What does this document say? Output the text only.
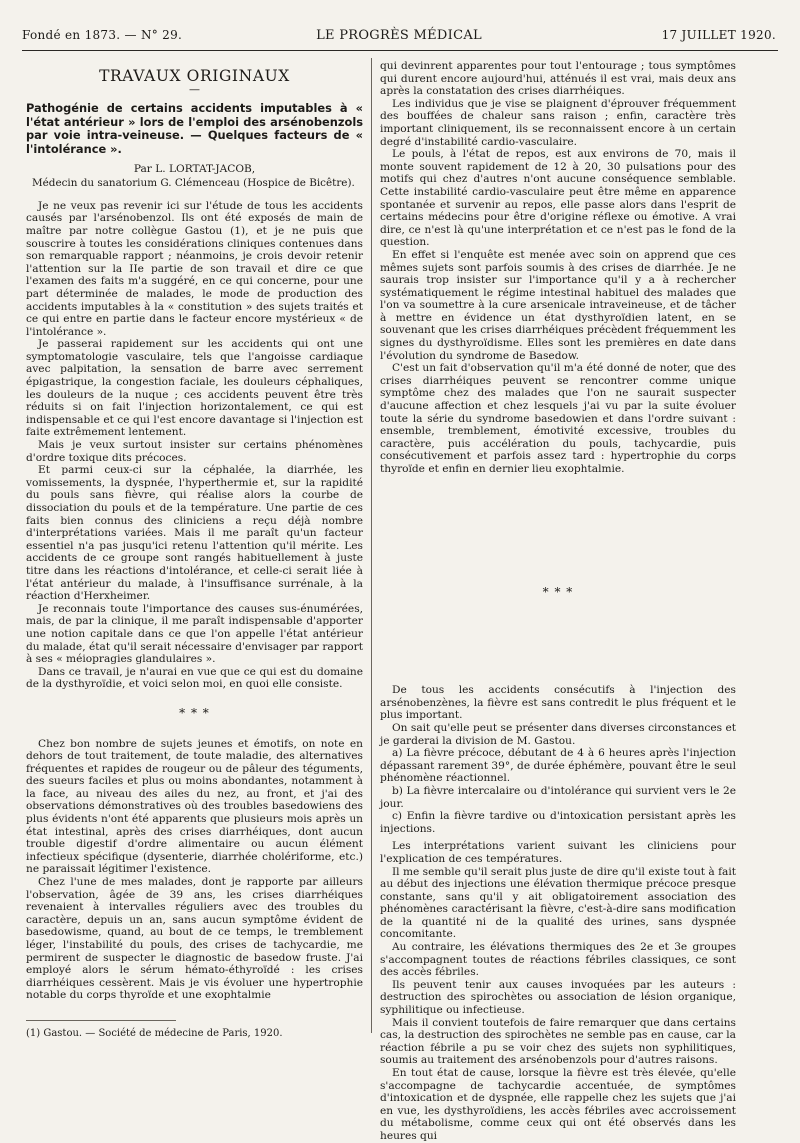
Fondé en 1873. — N° 29.	LE PROGRÈS MÉDICAL	17 JUILLET 1920.
TRAVAUX ORIGINAUX
—
Pathogénie de certains accidents imputables à « l'état antérieur » lors de l'emploi des arsénobenzols par voie intra-veineuse. — Quelques facteurs de « l'intolérance ».
Par L. LORTAT-JACOB,
Médecin du sanatorium G. Clémenceau (Hospice de Bicêtre).

Je ne veux pas revenir ici sur l'étude de tous les accidents causés par l'arsénobenzol. Ils ont été exposés de main de maître par notre collègue Gastou (1), et je ne puis que souscrire à toutes les considérations cliniques contenues dans son remarquable rapport ; néanmoins, je crois devoir retenir l'attention sur la IIe partie de son travail et dire ce que l'examen des faits m'a suggéré, en ce qui concerne, pour une part déterminée de malades, le mode de production des accidents imputables à la « constitution » des sujets traités et ce qui entre en partie dans le facteur encore mystérieux « de l'intolérance ».

Je passerai rapidement sur les accidents qui ont une symptomatologie vasculaire, tels que l'angoisse cardiaque avec palpitation, la sensation de barre avec serrement épigastrique, la congestion faciale, les douleurs céphaliques, les douleurs de la nuque ; ces accidents peuvent être très réduits si on fait l'injection horizontalement, ce qui est indispensable et ce qui l'est encore davantage si l'injection est faite extrêmement lentement.

Mais je veux surtout insister sur certains phénomènes d'ordre toxique dits précoces.

Et parmi ceux-ci sur la céphalée, la diarrhée, les vomissements, la dyspnée, l'hyperthermie et, sur la rapidité du pouls sans fièvre, qui réalise alors la courbe de dissociation du pouls et de la température. Une partie de ces faits bien connus des cliniciens a reçu déjà nombre d'interprétations variées. Mais il me paraît qu'un facteur essentiel n'a pas jusqu'ici retenu l'attention qu'il mérite. Les accidents de ce groupe sont rangés habituellement à juste titre dans les réactions d'intolérance, et celle-ci serait liée à l'état antérieur du malade, à l'insuffisance surrénale, à la réaction d'Herxheimer.

Je reconnais toute l'importance des causes sus-énumérées, mais, de par la clinique, il me paraît indispensable d'apporter une notion capitale dans ce que l'on appelle l'état antérieur du malade, état qu'il serait nécessaire d'envisager par rapport à ses « méiopragies glandulaires ».

Dans ce travail, je n'aurai en vue que ce qui est du domaine de la dysthyroïdie, et voici selon moi, en quoi elle consiste.

* * *

Chez bon nombre de sujets jeunes et émotifs, on note en dehors de tout traitement, de toute maladie, des alternatives fréquentes et rapides de rougeur ou de pâleur des téguments, des sueurs faciles et plus ou moins abondantes, notamment à la face, au niveau des ailes du nez, au front, et j'ai des observations démonstratives où des troubles basedowiens des plus évidents n'ont été apparents que plusieurs mois après un état intestinal, après des crises diarrhéiques, dont aucun trouble digestif d'ordre alimentaire ou aucun élément infectieux spécifique (dysenterie, diarrhée cholériforme, etc.) ne paraissait légitimer l'existence.

Chez l'une de mes malades, dont je rapporte par ailleurs l'observation, âgée de 39 ans, les crises diarrhéiques revenaient à intervalles réguliers avec des troubles du caractère, depuis un an, sans aucun symptôme évident de basedowisme, quand, au bout de ce temps, le tremblement léger, l'instabilité du pouls, des crises de tachycardie, me permirent de suspecter le diagnostic de basedow fruste. J'ai employé alors le sérum hémato-éthyroïdé : les crises diarrhéiques cessèrent. Mais je vis évoluer une hypertrophie notable du corps thyroïde et une exophtalmie

(1) Gastou. — Société de médecine de Paris, 1920.

qui devinrent apparentes pour tout l'entourage ; tous symptômes qui durent encore aujourd'hui, atténués il est vrai, mais deux ans après la constatation des crises diarrhéiques.

Les individus que je vise se plaignent d'éprouver fréquemment des bouffées de chaleur sans raison ; enfin, caractère très important cliniquement, ils se reconnaissent encore à un certain degré d'instabilité cardio-vasculaire.

Le pouls, à l'état de repos, est aux environs de 70, mais il monte souvent rapidement de 12 à 20, 30 pulsations pour des motifs qui chez d'autres n'ont aucune conséquence semblable. Cette instabilité cardio-vasculaire peut être même en apparence spontanée et survenir au repos, elle passe alors dans l'esprit de certains médecins pour être d'origine réflexe ou émotive. A vrai dire, ce n'est là qu'une interprétation et ce n'est pas le fond de la question.

En effet si l'enquête est menée avec soin on apprend que ces mêmes sujets sont parfois soumis à des crises de diarrhée. Je ne saurais trop insister sur l'importance qu'il y a à rechercher systématiquement le régime intestinal habituel des malades que l'on va soumettre à la cure arsenicale intraveineuse, et de tâcher à mettre en évidence un état dysthyroïdien latent, en se souvenant que les crises diarrhéiques précèdent fréquemment les signes du dysthyroïdisme. Elles sont les premières en date dans l'évolution du syndrome de Basedow.

C'est un fait d'observation qu'il m'a été donné de noter, que des crises diarrhéiques peuvent se rencontrer comme unique symptôme chez des malades que l'on ne saurait suspecter d'aucune affection et chez lesquels j'ai vu par la suite évoluer toute la série du syndrome basedowien et dans l'ordre suivant : ensemble, tremblement, émotivité excessive, troubles du caractère, puis accélération du pouls, tachycardie, puis consécutivement et parfois assez tard : hypertrophie du corps thyroïde et enfin en dernier lieu exophtalmie.

* * *

De tous les accidents consécutifs à l'injection des arsénobenzènes, la fièvre est sans contredit le plus fréquent et le plus important.

On sait qu'elle peut se présenter dans diverses circonstances et je garderai la division de M. Gastou.

a) La fièvre précoce, débutant de 4 à 6 heures après l'injection dépassant rarement 39°, de durée éphémère, pouvant être le seul phénomène réactionnel.

b) La fièvre intercalaire ou d'intolérance qui survient vers le 2e jour.

c) Enfin la fièvre tardive ou d'intoxication persistant après les injections.

Les interprétations varient suivant les cliniciens pour l'explication de ces températures.

Il me semble qu'il serait plus juste de dire qu'il existe tout à fait au début des injections une élévation thermique précoce presque constante, sans qu'il y ait obligatoirement association des phénomènes caractérisant la fièvre, c'est-à-dire sans modification de la quantité ni de la qualité des urines, sans dyspnée concomitante.

Au contraire, les élévations thermiques des 2e et 3e groupes s'accompagnent toutes de réactions fébriles classiques, ce sont des accès fébriles.

Ils peuvent tenir aux causes invoquées par les auteurs : destruction des spirochètes ou association de lésion organique, syphilitique ou infectieuse.

Mais il convient toutefois de faire remarquer que dans certains cas, la destruction des spirochètes ne semble pas en cause, car la réaction fébrile a pu se voir chez des sujets non syphilitiques, soumis au traitement des arsénobenzols pour d'autres raisons.

En tout état de cause, lorsque la fièvre est très élevée, qu'elle s'accompagne de tachycardie accentuée, de symptômes d'intoxication et de dyspnée, elle rappelle chez les sujets que j'ai en vue, les dysthyroïdiens, les accès fébriles avec accroissement du métabolisme, comme ceux qui ont été observés dans les heures qui
